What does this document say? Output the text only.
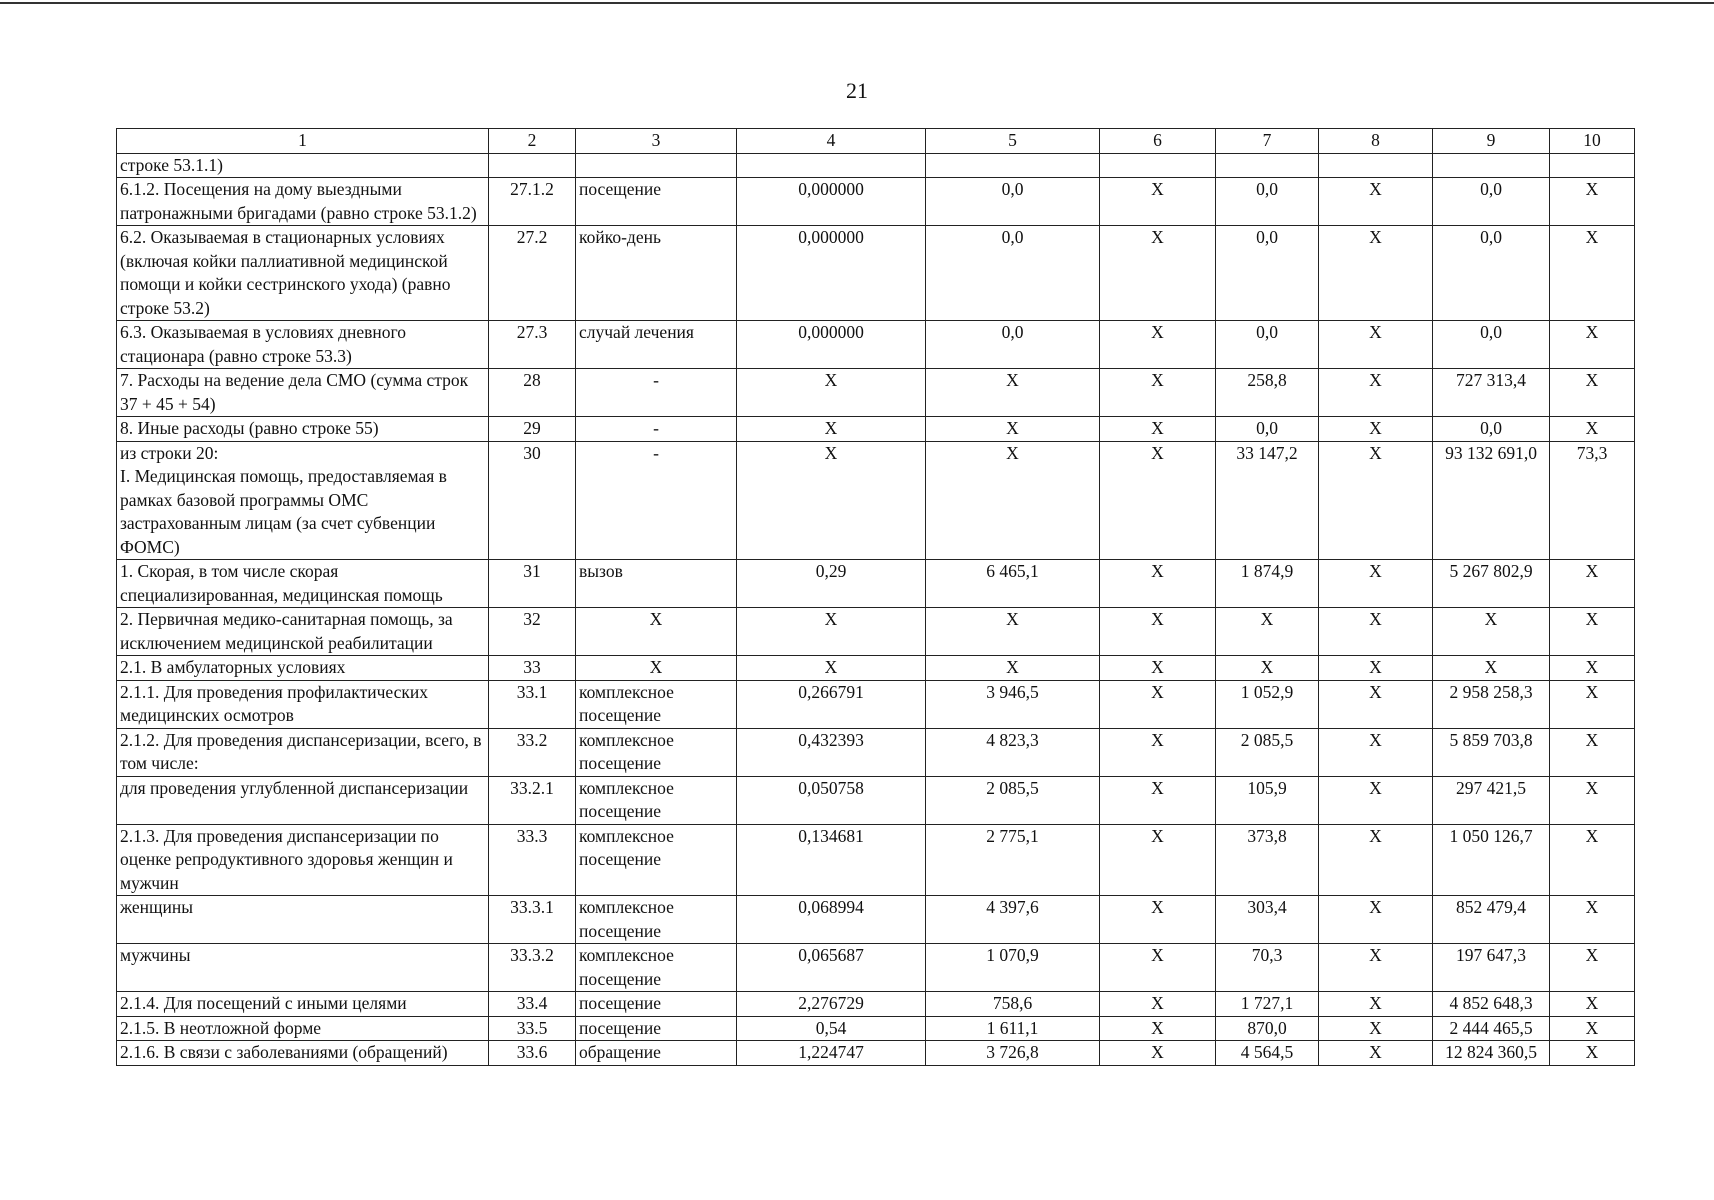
21
1	2	3	4	5	6	7	8	9	10
строке 53.1.1)									
6.1.2. Посещения на дому выездными патронажными бригадами (равно строке 53.1.2)	27.1.2	посещение	0,000000	0,0	X	0,0	X	0,0	X
6.2. Оказываемая в стационарных условиях (включая койки паллиативной медицинской помощи и койки сестринского ухода) (равно строке 53.2)	27.2	койко-день	0,000000	0,0	X	0,0	X	0,0	X
6.3. Оказываемая в условиях дневного стационара (равно строке 53.3)	27.3	случай лечения	0,000000	0,0	X	0,0	X	0,0	X
7. Расходы на ведение дела СМО (сумма строк 37 + 45 + 54)	28	-	X	X	X	258,8	X	727 313,4	X
8. Иные расходы (равно строке 55)	29	-	X	X	X	0,0	X	0,0	X
из строки 20:
I. Медицинская помощь, предоставляемая в рамках базовой программы ОМС застрахованным лицам (за счет субвенции ФОМС)	30	-	X	X	X	33 147,2	X	93 132 691,0	73,3
1. Скорая, в том числе скорая специализированная, медицинская помощь	31	вызов	0,29	6 465,1	X	1 874,9	X	5 267 802,9	X
2. Первичная медико-санитарная помощь, за исключением медицинской реабилитации	32	X	X	X	X	X	X	X	X
2.1. В амбулаторных условиях	33	X	X	X	X	X	X	X	X
2.1.1. Для проведения профилактических медицинских осмотров	33.1	комплексное посещение	0,266791	3 946,5	X	1 052,9	X	2 958 258,3	X
2.1.2. Для проведения диспансеризации, всего, в том числе:	33.2	комплексное посещение	0,432393	4 823,3	X	2 085,5	X	5 859 703,8	X
для проведения углубленной диспансеризации	33.2.1	комплексное посещение	0,050758	2 085,5	X	105,9	X	297 421,5	X
2.1.3. Для проведения диспансеризации по оценке репродуктивного здоровья женщин и мужчин	33.3	комплексное посещение	0,134681	2 775,1	X	373,8	X	1 050 126,7	X
женщины	33.3.1	комплексное посещение	0,068994	4 397,6	X	303,4	X	852 479,4	X
мужчины	33.3.2	комплексное посещение	0,065687	1 070,9	X	70,3	X	197 647,3	X
2.1.4. Для посещений с иными целями	33.4	посещение	2,276729	758,6	X	1 727,1	X	4 852 648,3	X
2.1.5. В неотложной форме	33.5	посещение	0,54	1 611,1	X	870,0	X	2 444 465,5	X
2.1.6. В связи с заболеваниями (обращений)	33.6	обращение	1,224747	3 726,8	X	4 564,5	X	12 824 360,5	X
